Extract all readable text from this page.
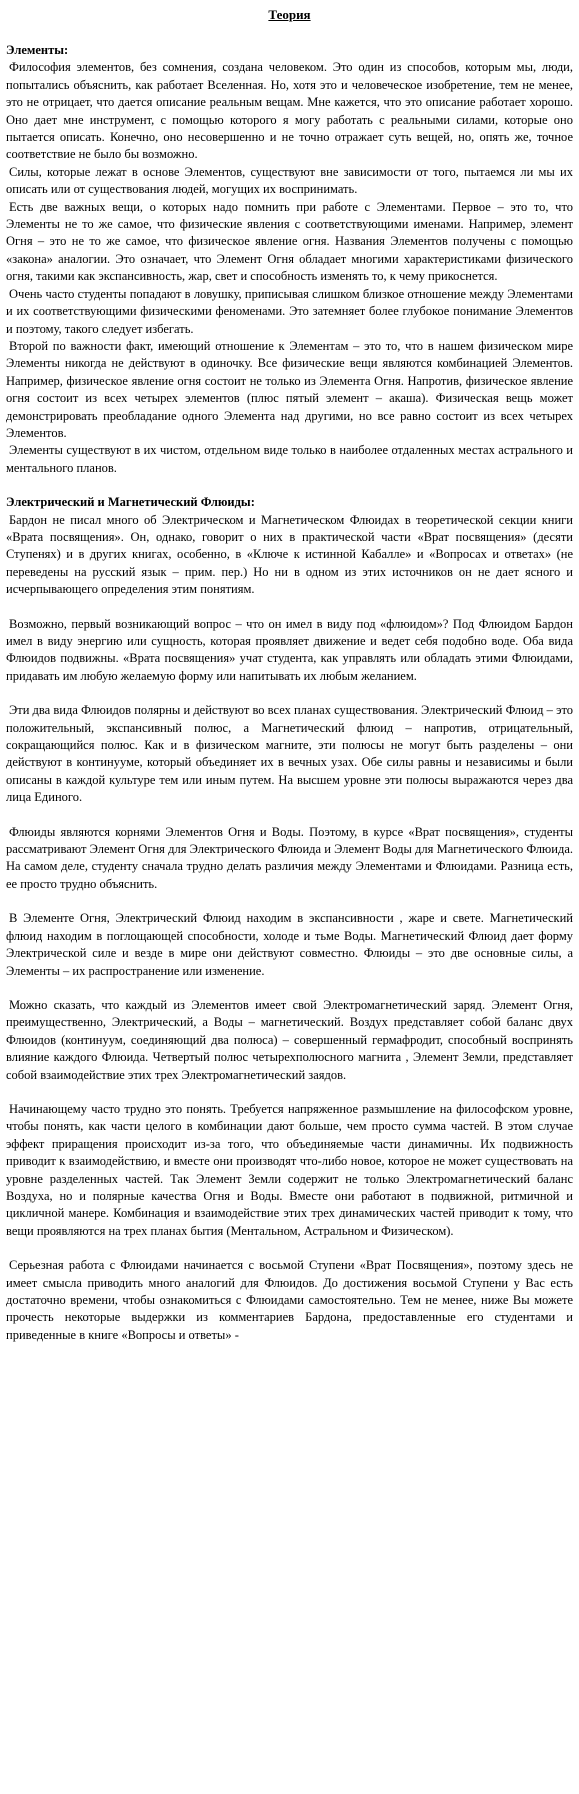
Теория
Элементы:

Философия элементов, без сомнения, создана человеком. Это один из способов, которым мы, люди, попытались объяснить, как работает Вселенная. Но, хотя это и человеческое изобретение, тем не менее, это не отрицает, что дается описание реальным вещам. Мне кажется, что это описание работает хорошо. Оно дает мне инструмент, с помощью которого я могу работать с реальными силами, которые оно пытается описать. Конечно, оно несовершенно и не точно отражает суть вещей, но, опять же, точное соответствие не было бы возможно.

Силы, которые лежат в основе Элементов, существуют вне зависимости от того, пытаемся ли мы их описать или от существования людей, могущих их воспринимать.

Есть две важных вещи, о которых надо помнить при работе с Элементами. Первое – это то, что Элементы не то же самое, что физические явления с соответствующими именами. Например, элемент Огня – это не то же самое, что физическое явление огня. Названия Элементов получены с помощью «закона» аналогии. Это означает, что Элемент Огня обладает многими характеристиками физического огня, такими как экспансивность, жар, свет и способность изменять то, к чему прикоснется.

Очень часто студенты попадают в ловушку, приписывая слишком близкое отношение между Элементами и их соответствующими физическими феноменами. Это затемняет более глубокое понимание Элементов и поэтому, такого следует избегать.

Второй по важности факт, имеющий отношение к Элементам – это то, что в нашем физическом мире Элементы никогда не действуют в одиночку. Все физические вещи являются комбинацией Элементов. Например, физическое явление огня состоит не только из Элемента Огня. Напротив, физическое явление огня состоит из всех четырех элементов (плюс пятый элемент – акаша). Физическая вещь может демонстрировать преобладание одного Элемента над другими, но все равно состоит из всех четырех Элементов.

Элементы существуют в их чистом, отдельном виде только в наиболее отдаленных местах астрального и ментального планов.

Электрический и Магнетический Флюиды:

Бардон не писал много об Электрическом и Магнетическом Флюидах в теоретической секции книги «Врата посвящения». Он, однако, говорит о них в практической части «Врат посвящения» (десяти Ступенях) и в других книгах, особенно, в «Ключе к истинной Кабалле» и «Вопросах и ответах» (не переведены на русский язык – прим. пер.) Но ни в одном из этих источников он не дает ясного и исчерпывающего определения этим понятиям.

Возможно, первый возникающий вопрос – что он имел в виду под «флюидом»? Под Флюидом Бардон имел в виду энергию или сущность, которая проявляет движение и ведет себя подобно воде. Оба вида Флюидов подвижны. «Врата посвящения» учат студента, как управлять или обладать этими Флюидами, придавать им любую желаемую форму или напитывать их любым желанием.

Эти два вида Флюидов полярны и действуют во всех планах существования. Электрический Флюид – это положительный, экспансивный полюс, а Магнетический флюид – напротив, отрицательный, сокращающийся полюс. Как и в физическом магните, эти полюсы не могут быть разделены – они действуют в континууме, который объединяет их в вечных узах. Обе силы равны и независимы и были описаны в каждой культуре тем или иным путем. На высшем уровне эти полюсы выражаются через два лица Единого.

Флюиды являются корнями Элементов Огня и Воды. Поэтому, в курсе «Врат посвящения», студенты рассматривают Элемент Огня для Электрического Флюида и Элемент Воды для Магнетического Флюида. На самом деле, студенту сначала трудно делать различия между Элементами и Флюидами. Разница есть, ее просто трудно объяснить.

В Элементе Огня, Электрический Флюид находим в экспансивности , жаре и свете. Магнетический флюид находим в поглощающей способности, холоде и тьме Воды. Магнетический Флюид дает форму Электрической силе и везде в мире они действуют совместно. Флюиды – это две основные силы, а Элементы – их распространение или изменение.

Можно сказать, что каждый из Элементов имеет свой Электромагнетический заряд. Элемент Огня, преимущественно, Электрический, а Воды – магнетический. Воздух представляет собой баланс двух Флюидов (континуум, соединяющий два полюса) – совершенный гермафродит, способный воспринять влияние каждого Флюида. Четвертый полюс четырехполюсного магнита , Элемент Земли, представляет собой взаимодействие этих трех Электромагнетический заядов.

Начинающему часто трудно это понять. Требуется напряженное размышление на философском уровне, чтобы понять, как части целого в комбинации дают больше, чем просто сумма частей. В этом случае эффект приращения происходит из-за того, что объединяемые части динамичны. Их подвижность приводит к взаимодействию, и вместе они производят что-либо новое, которое не может существовать на уровне разделенных частей. Так Элемент Земли содержит не только Электромагнетический баланс Воздуха, но и полярные качества Огня и Воды. Вместе они работают в подвижной, ритмичной и цикличной манере. Комбинация и взаимодействие этих трех динамических частей приводит к тому, что вещи проявляются на трех планах бытия (Ментальном, Астральном и Физическом).

Серьезная работа с Флюидами начинается с восьмой Ступени «Врат Посвящения», поэтому здесь не имеет смысла приводить много аналогий для Флюидов. До достижения восьмой Ступени у Вас есть достаточно времени, чтобы ознакомиться с Флюидами самостоятельно. Тем не менее, ниже Вы можете прочесть некоторые выдержки из комментариев Бардона, предоставленные его студентами и приведенные в книге «Вопросы и ответы» -
